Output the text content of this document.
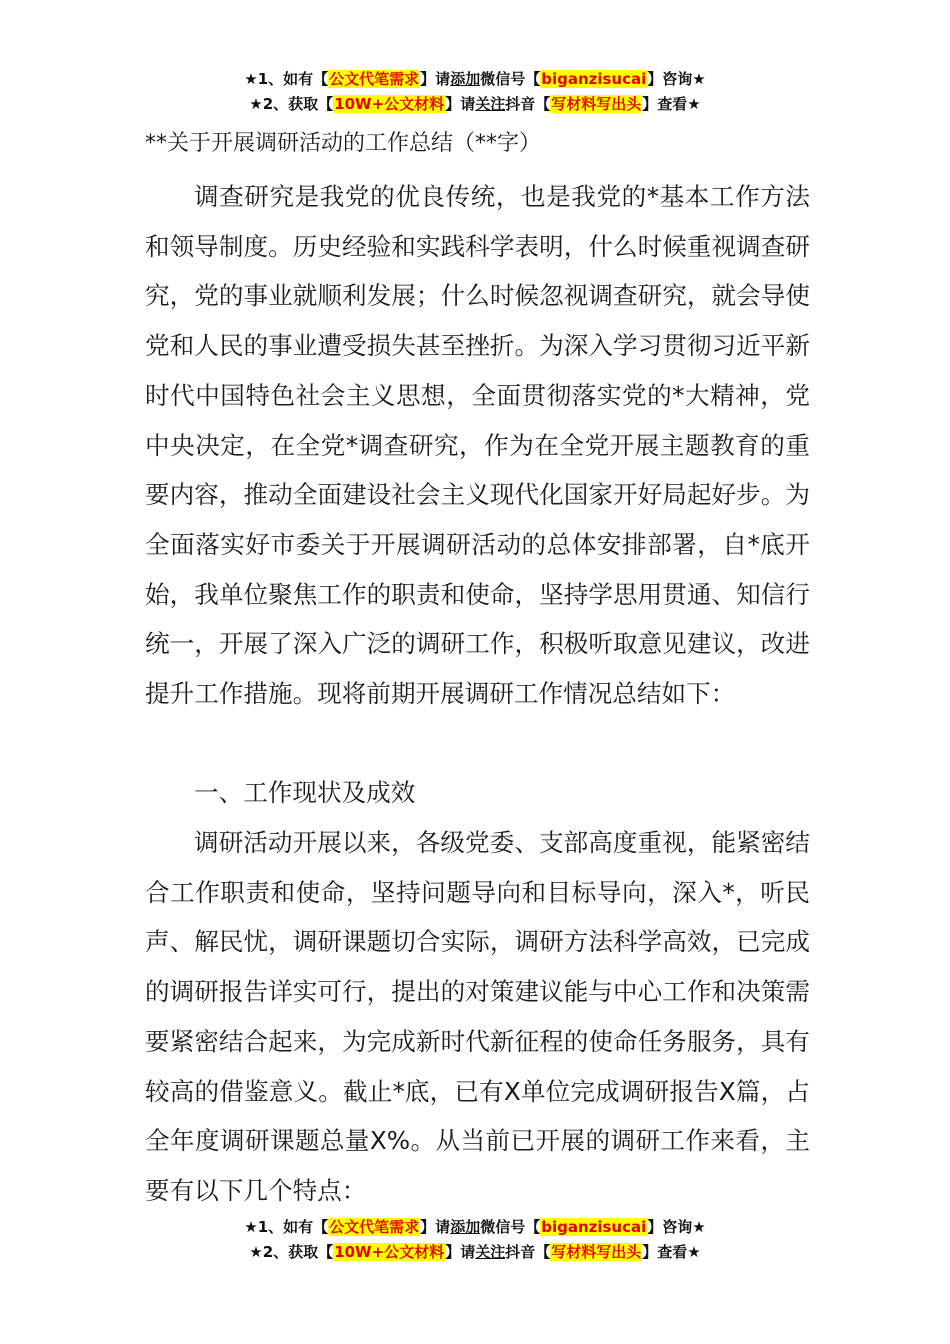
★1、如有【公文代笔需求】请添加微信号【biganzisucai】咨询★
★2、获取【10W+公文材料】请关注抖音【写材料写出头】查看★
**关于开展调研活动的工作总结（**字）

调查研究是我党的优良传统，也是我党的*基本工作方法和领导制度。历史经验和实践科学表明，什么时候重视调查研究，党的事业就顺利发展；什么时候忽视调查研究，就会导使党和人民的事业遭受损失甚至挫折。为深入学习贯彻习近平新时代中国特色社会主义思想，全面贯彻落实党的*大精神，党中央决定，在全党*调查研究，作为在全党开展主题教育的重要内容，推动全面建设社会主义现代化国家开好局起好步。为全面落实好市委关于开展调研活动的总体安排部署，自*底开始，我单位聚焦工作的职责和使命，坚持学思用贯通、知信行统一，开展了深入广泛的调研工作，积极听取意见建议，改进提升工作措施。现将前期开展调研工作情况总结如下：

一、工作现状及成效

调研活动开展以来，各级党委、支部高度重视，能紧密结合工作职责和使命，坚持问题导向和目标导向，深入*，听民声、解民忧，调研课题切合实际，调研方法科学高效，已完成的调研报告详实可行，提出的对策建议能与中心工作和决策需要紧密结合起来，为完成新时代新征程的使命任务服务，具有较高的借鉴意义。截止*底，已有X单位完成调研报告X篇，占全年度调研课题总量X%。从当前已开展的调研工作来看，主要有以下几个特点：

★1、如有【公文代笔需求】请添加微信号【biganzisucai】咨询★
★2、获取【10W+公文材料】请关注抖音【写材料写出头】查看★
